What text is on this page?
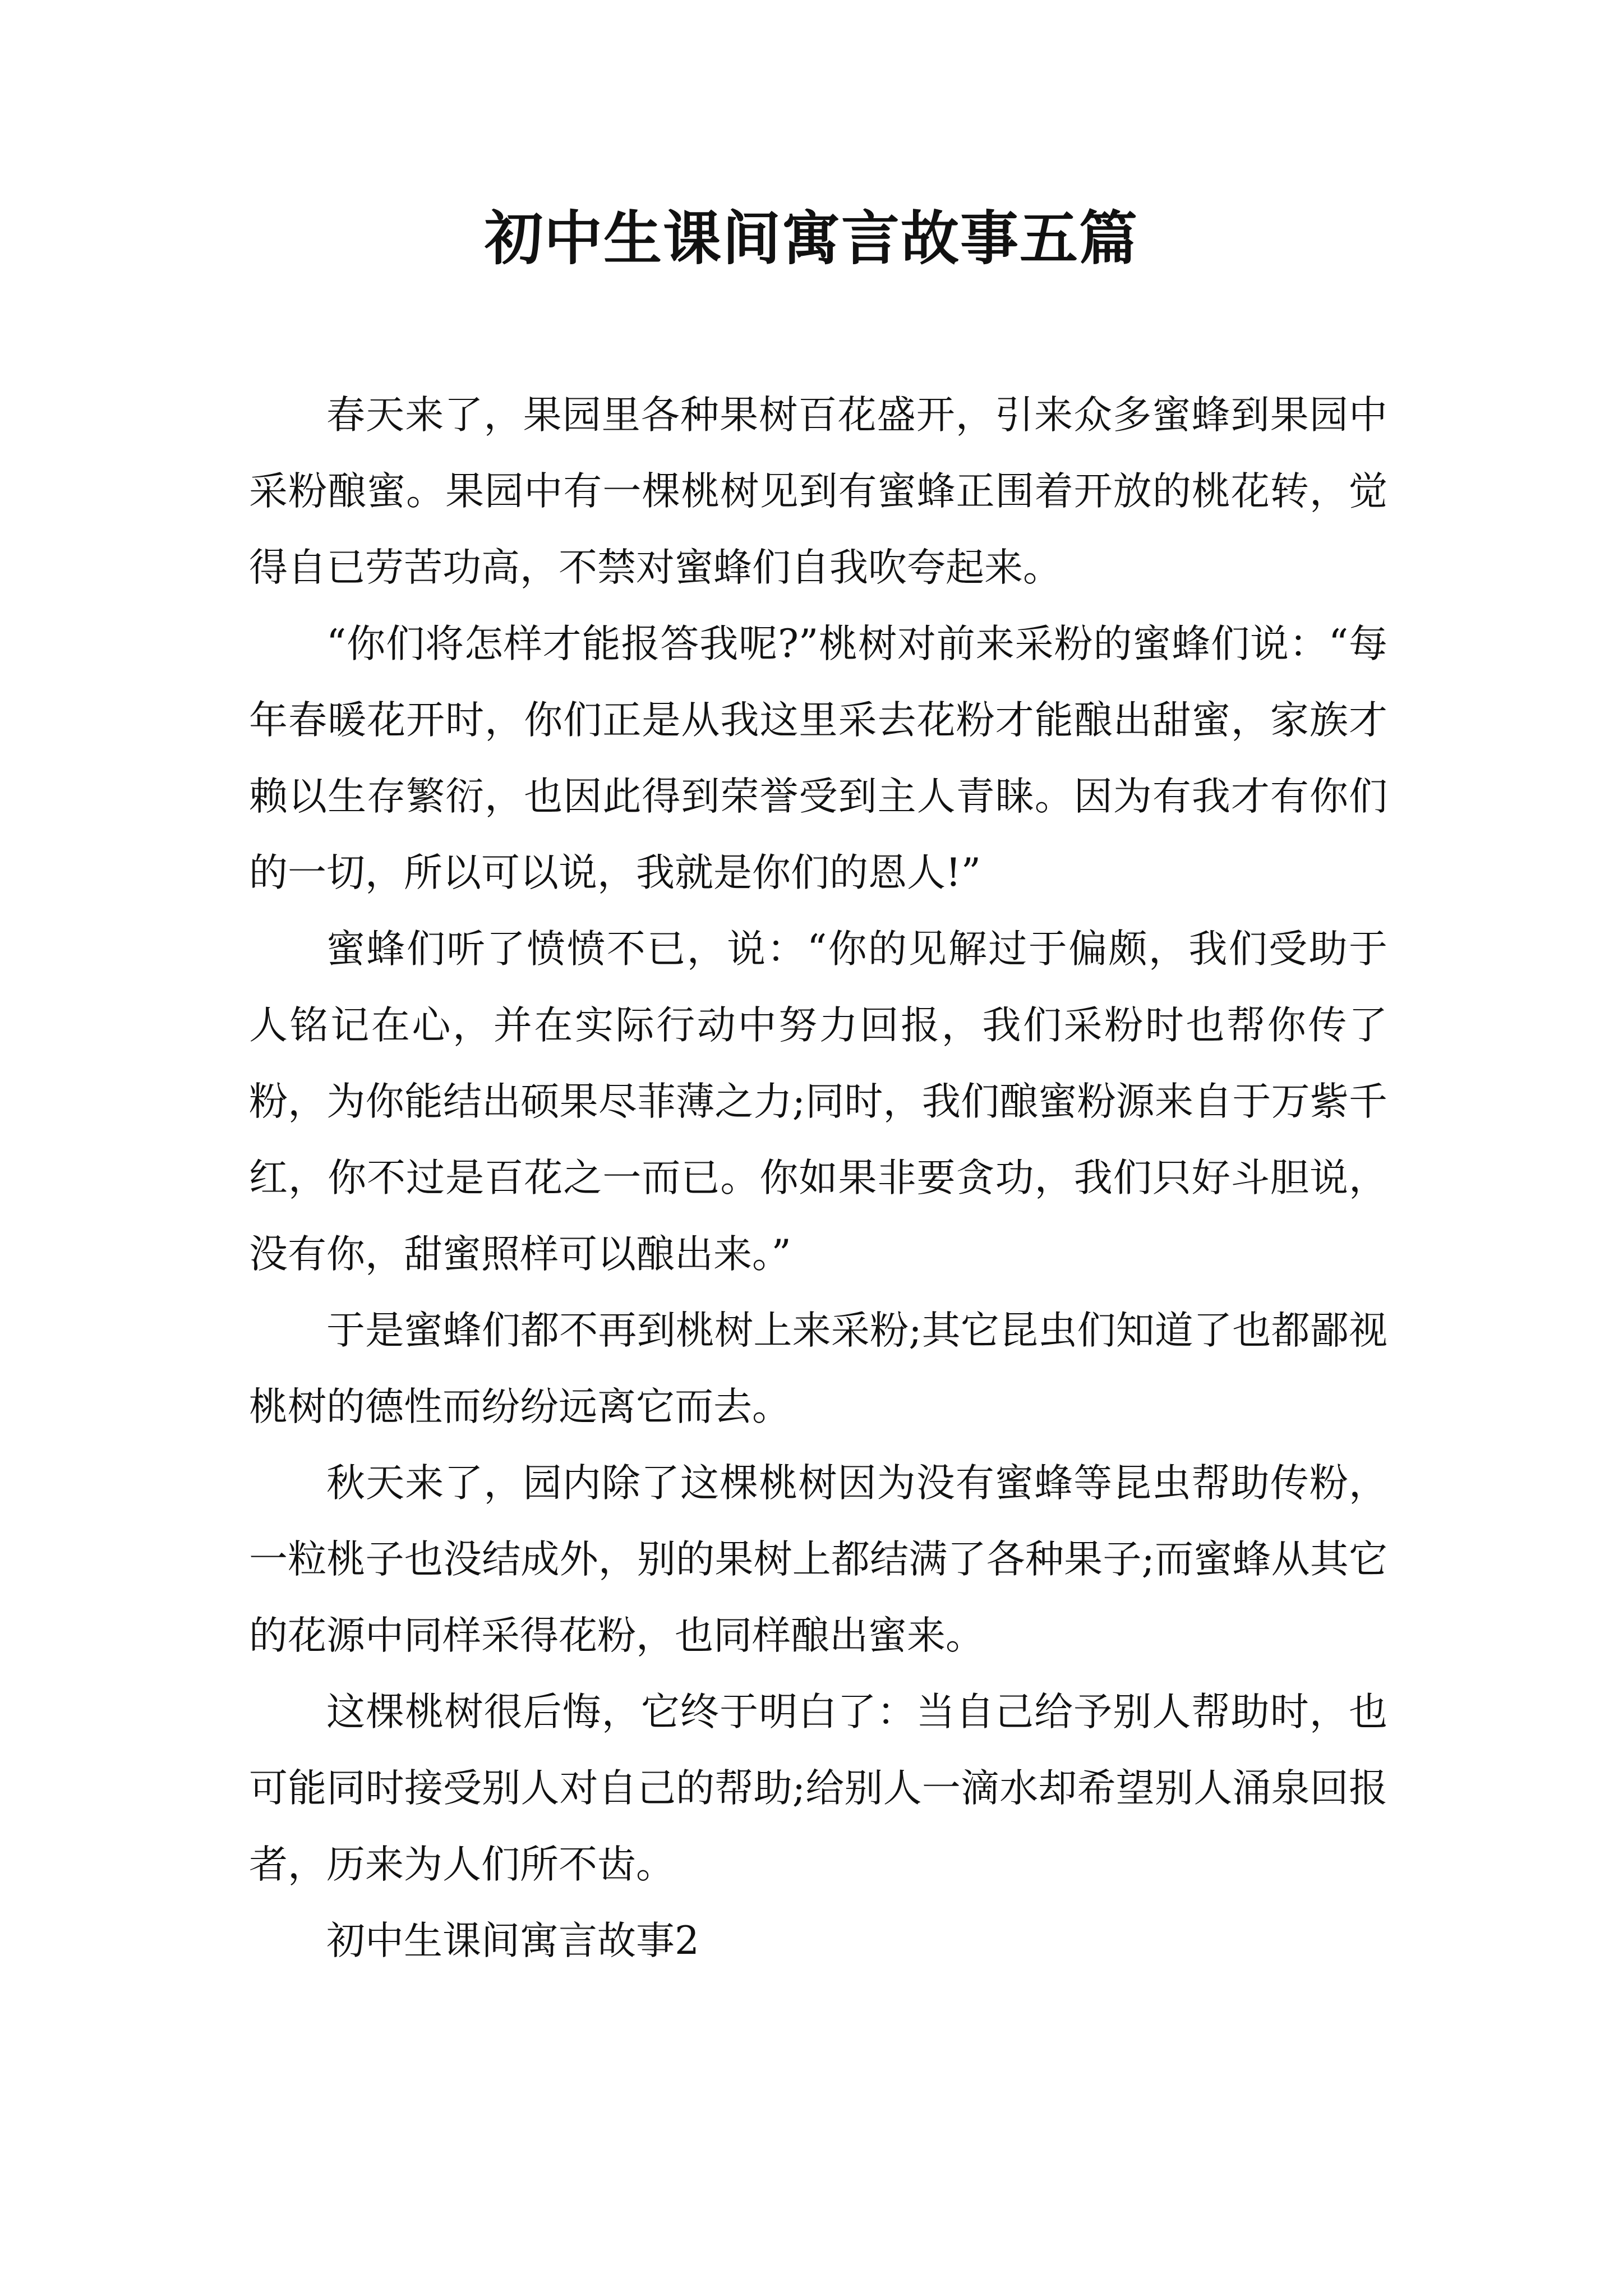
初中生课间寓言故事五篇

春天来了，果园里各种果树百花盛开，引来众多蜜蜂到果园中采粉酿蜜。果园中有一棵桃树见到有蜜蜂正围着开放的桃花转，觉得自已劳苦功高，不禁对蜜蜂们自我吹夸起来。

“你们将怎样才能报答我呢?”桃树对前来采粉的蜜蜂们说：“每年春暖花开时，你们正是从我这里采去花粉才能酿出甜蜜，家族才赖以生存繁衍，也因此得到荣誉受到主人青睐。因为有我才有你们的一切，所以可以说，我就是你们的恩人!”

蜜蜂们听了愤愤不已，说：“你的见解过于偏颇，我们受助于人铭记在心，并在实际行动中努力回报，我们采粉时也帮你传了粉，为你能结出硕果尽菲薄之力;同时，我们酿蜜粉源来自于万紫千红，你不过是百花之一而已。你如果非要贪功，我们只好斗胆说，没有你，甜蜜照样可以酿出来。”

于是蜜蜂们都不再到桃树上来采粉;其它昆虫们知道了也都鄙视桃树的德性而纷纷远离它而去。

秋天来了，园内除了这棵桃树因为没有蜜蜂等昆虫帮助传粉，一粒桃子也没结成外，别的果树上都结满了各种果子;而蜜蜂从其它的花源中同样采得花粉，也同样酿出蜜来。

这棵桃树很后悔，它终于明白了：当自己给予别人帮助时，也可能同时接受别人对自己的帮助;给别人一滴水却希望别人涌泉回报者，历来为人们所不齿。

初中生课间寓言故事2
